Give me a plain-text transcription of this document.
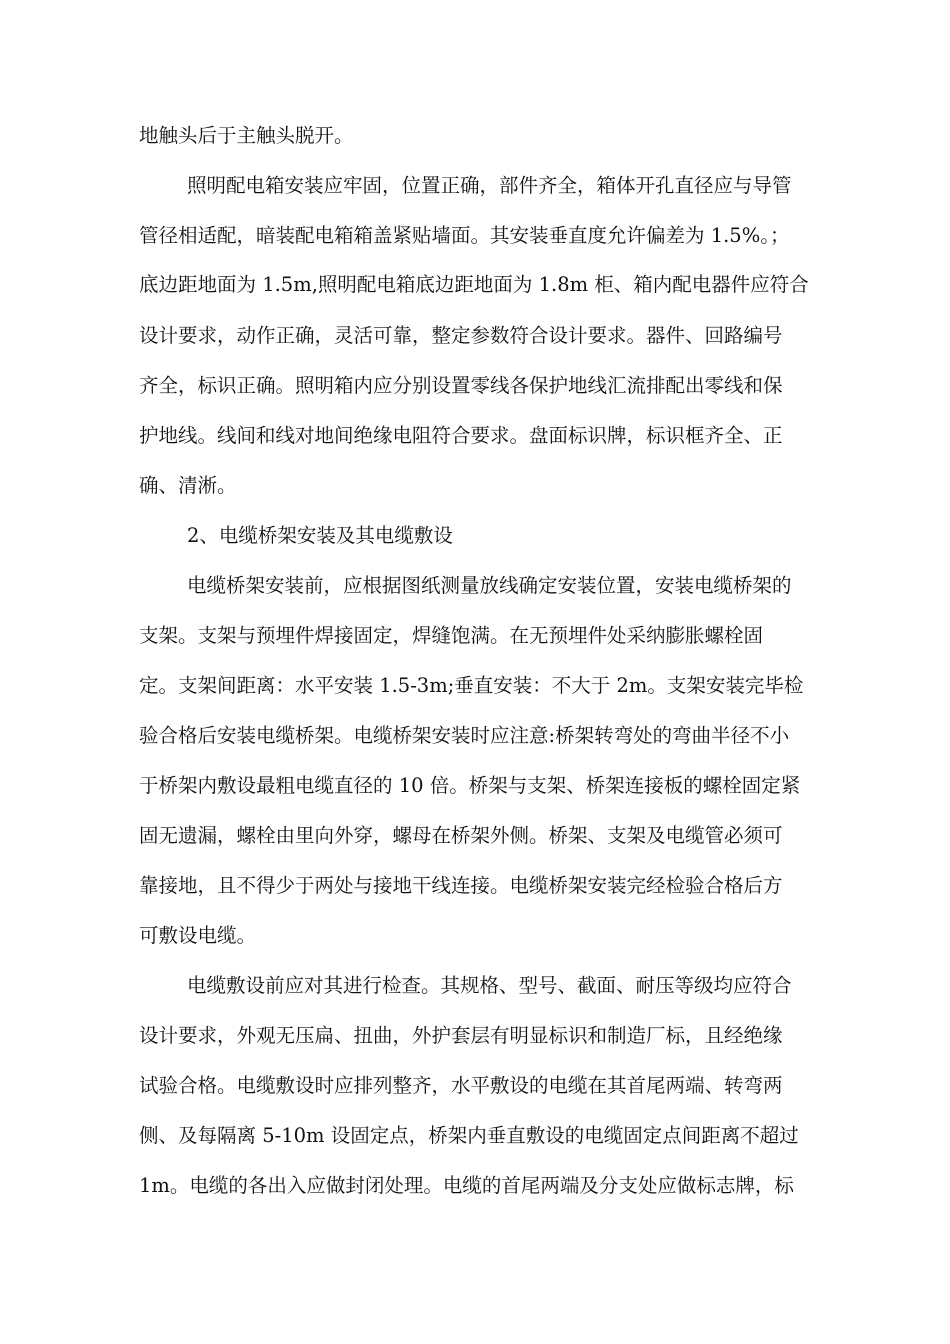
地触头后于主触头脱开。
照明配电箱安装应牢固，位置正确，部件齐全，箱体开孔直径应与导管
管径相适配，暗装配电箱箱盖紧贴墙面。其安装垂直度允许偏差为 1.5%。；
底边距地面为 1.5m,照明配电箱底边距地面为 1.8m 柜、箱内配电器件应符合
设计要求，动作正确，灵活可靠，整定参数符合设计要求。器件、回路编号
齐全，标识正确。照明箱内应分别设置零线各保护地线汇流排配出零线和保
护地线。线间和线对地间绝缘电阻符合要求。盘面标识牌，标识框齐全、正
确、清淅。
2、电缆桥架安装及其电缆敷设
电缆桥架安装前，应根据图纸测量放线确定安装位置，安装电缆桥架的
支架。支架与预埋件焊接固定，焊缝饱满。在无预埋件处采纳膨胀螺栓固
定。支架间距离：水平安装 1.5-3m;垂直安装：不大于 2m。支架安装完毕检
验合格后安装电缆桥架。电缆桥架安装时应注意:桥架转弯处的弯曲半径不小
于桥架内敷设最粗电缆直径的 10 倍。桥架与支架、桥架连接板的螺栓固定紧
固无遗漏，螺栓由里向外穿，螺母在桥架外侧。桥架、支架及电缆管必须可
靠接地，且不得少于两处与接地干线连接。电缆桥架安装完经检验合格后方
可敷设电缆。
电缆敷设前应对其进行检查。其规格、型号、截面、耐压等级均应符合
设计要求，外观无压扁、扭曲，外护套层有明显标识和制造厂标，且经绝缘
试验合格。电缆敷设时应排列整齐，水平敷设的电缆在其首尾两端、转弯两
侧、及每隔离 5-10m 设固定点，桥架内垂直敷设的电缆固定点间距离不超过
1m。电缆的各出入应做封闭处理。电缆的首尾两端及分支处应做标志牌，标
